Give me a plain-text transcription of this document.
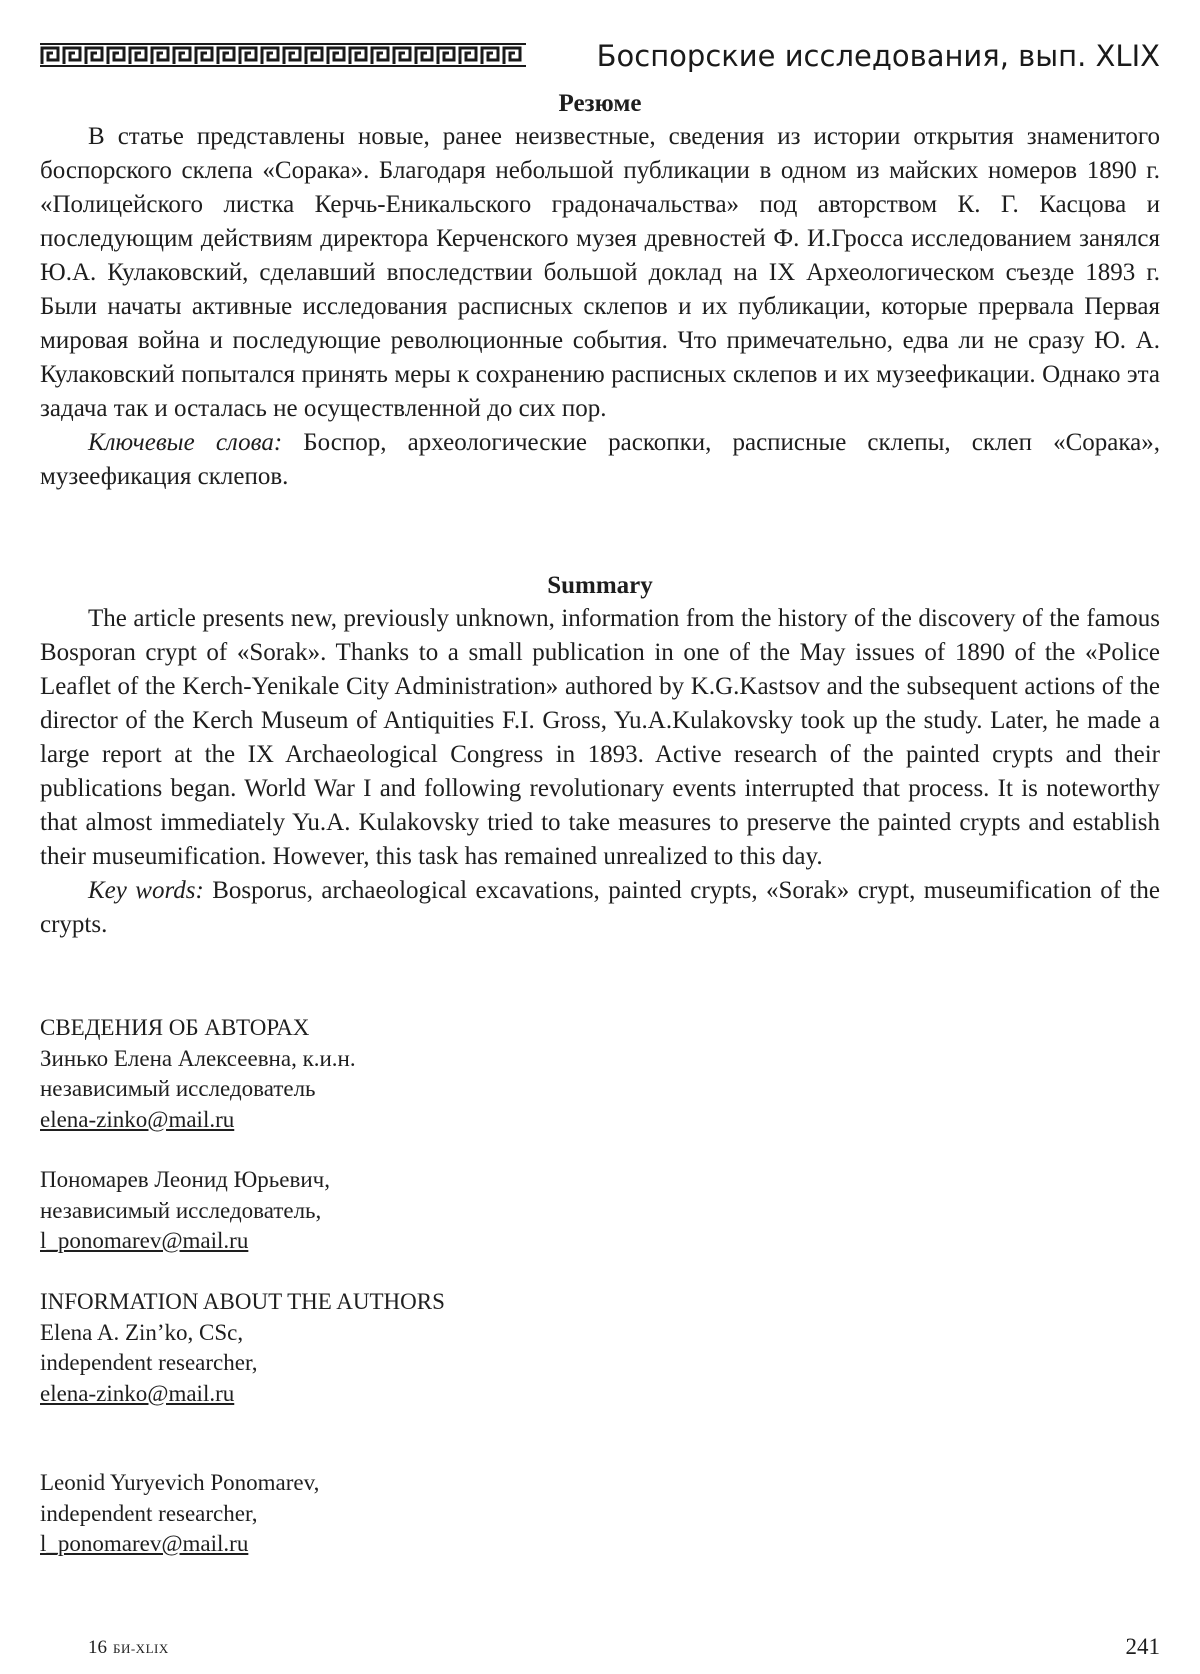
Боспорские исследования, вып. XLIX
Резюме

В статье представлены новые, ранее неизвестные, сведения из истории открытия знаменитого боспорского склепа «Сорака». Благодаря небольшой публикации в одном из майских номеров 1890 г. «Полицейского листка Керчь-Еникальского градоначальства» под авторством К. Г. Касцова и последующим действиям директора Керченского музея древностей Ф. И.Гросса исследованием занялся Ю.А. Кулаковский, сделавший впоследствии большой доклад на IX Археологическом съезде 1893 г. Были начаты активные исследования расписных склепов и их публикации, которые прервала Первая мировая война и последующие революционные события. Что примечательно, едва ли не сразу Ю. А. Кулаковский попытался принять меры к сохранению расписных склепов и их музеефикации. Однако эта задача так и осталась не осуществленной до сих пор.

Ключевые слова: Боспор, археологические раскопки, расписные склепы, склеп «Сорака», музеефикация склепов.

Summary

The article presents new, previously unknown, information from the history of the discovery of the famous Bosporan crypt of «Sorak». Thanks to a small publication in one of the May issues of 1890 of the «Police Leaflet of the Kerch-Yenikale City Administration» authored by K.G.Kastsov and the subsequent actions of the director of the Kerch Museum of Antiquities F.I. Gross, Yu.A.Kulakovsky took up the study. Later, he made a large report at the IX Archaeological Congress in 1893. Active research of the painted crypts and their publications began. World War I and following revolutionary events interrupted that process. It is noteworthy that almost immediately Yu.A. Kulakovsky tried to take measures to preserve the painted crypts and establish their museumification. However, this task has remained unrealized to this day.

Key words: Bosporus, archaeological excavations, painted crypts, «Sorak» crypt, museumification of the crypts.

СВЕДЕНИЯ ОБ АВТОРАХ
Зинько Елена Алексеевна, к.и.н.
независимый исследователь
elena-zinko@mail.ru
Пономарев Леонид Юрьевич,
независимый исследователь,
l_ponomarev@mail.ru
INFORMATION ABOUT THE AUTHORS
Elena A. Zin’ko, CSc,
independent researcher,
elena-zinko@mail.ru
Leonid Yuryevich Ponomarev,
independent researcher,
l_ponomarev@mail.ru
16 БИ-XLIX	241
